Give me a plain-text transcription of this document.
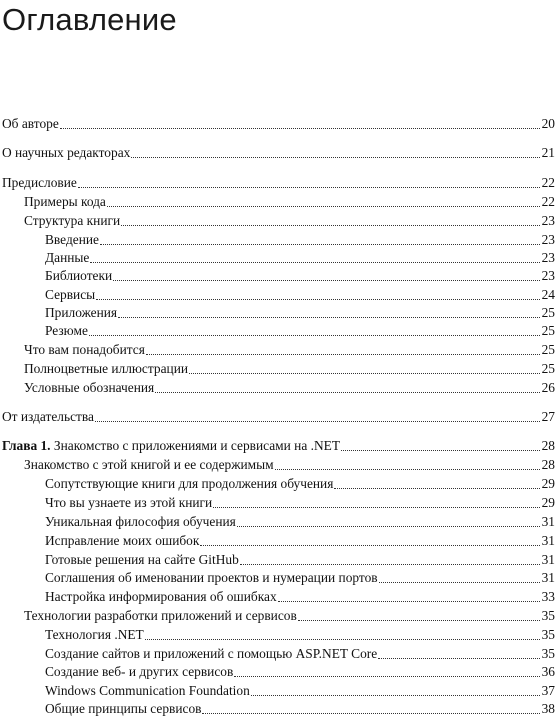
Оглавление
Об авторе	20
О научных редакторах	21
Предисловие	22
Примеры кода	22
Структура книги	23
Введение	23
Данные	23
Библиотеки	23
Сервисы	24
Приложения	25
Резюме	25
Что вам понадобится	25
Полноцветные иллюстрации	25
Условные обозначения	26
От издательства	27
Глава 1. Знакомство с приложениями и сервисами на .NET	28
Знакомство с этой книгой и ее содержимым	28
Сопутствующие книги для продолжения обучения	29
Что вы узнаете из этой книги	29
Уникальная философия обучения	31
Исправление моих ошибок	31
Готовые решения на сайте GitHub	31
Соглашения об именовании проектов и нумерации портов	31
Настройка информирования об ошибках	33
Технологии разработки приложений и сервисов	35
Технология .NET	35
Создание сайтов и приложений с помощью ASP.NET Core	35
Создание веб- и других сервисов	36
Windows Communication Foundation	37
Общие принципы сервисов	38
